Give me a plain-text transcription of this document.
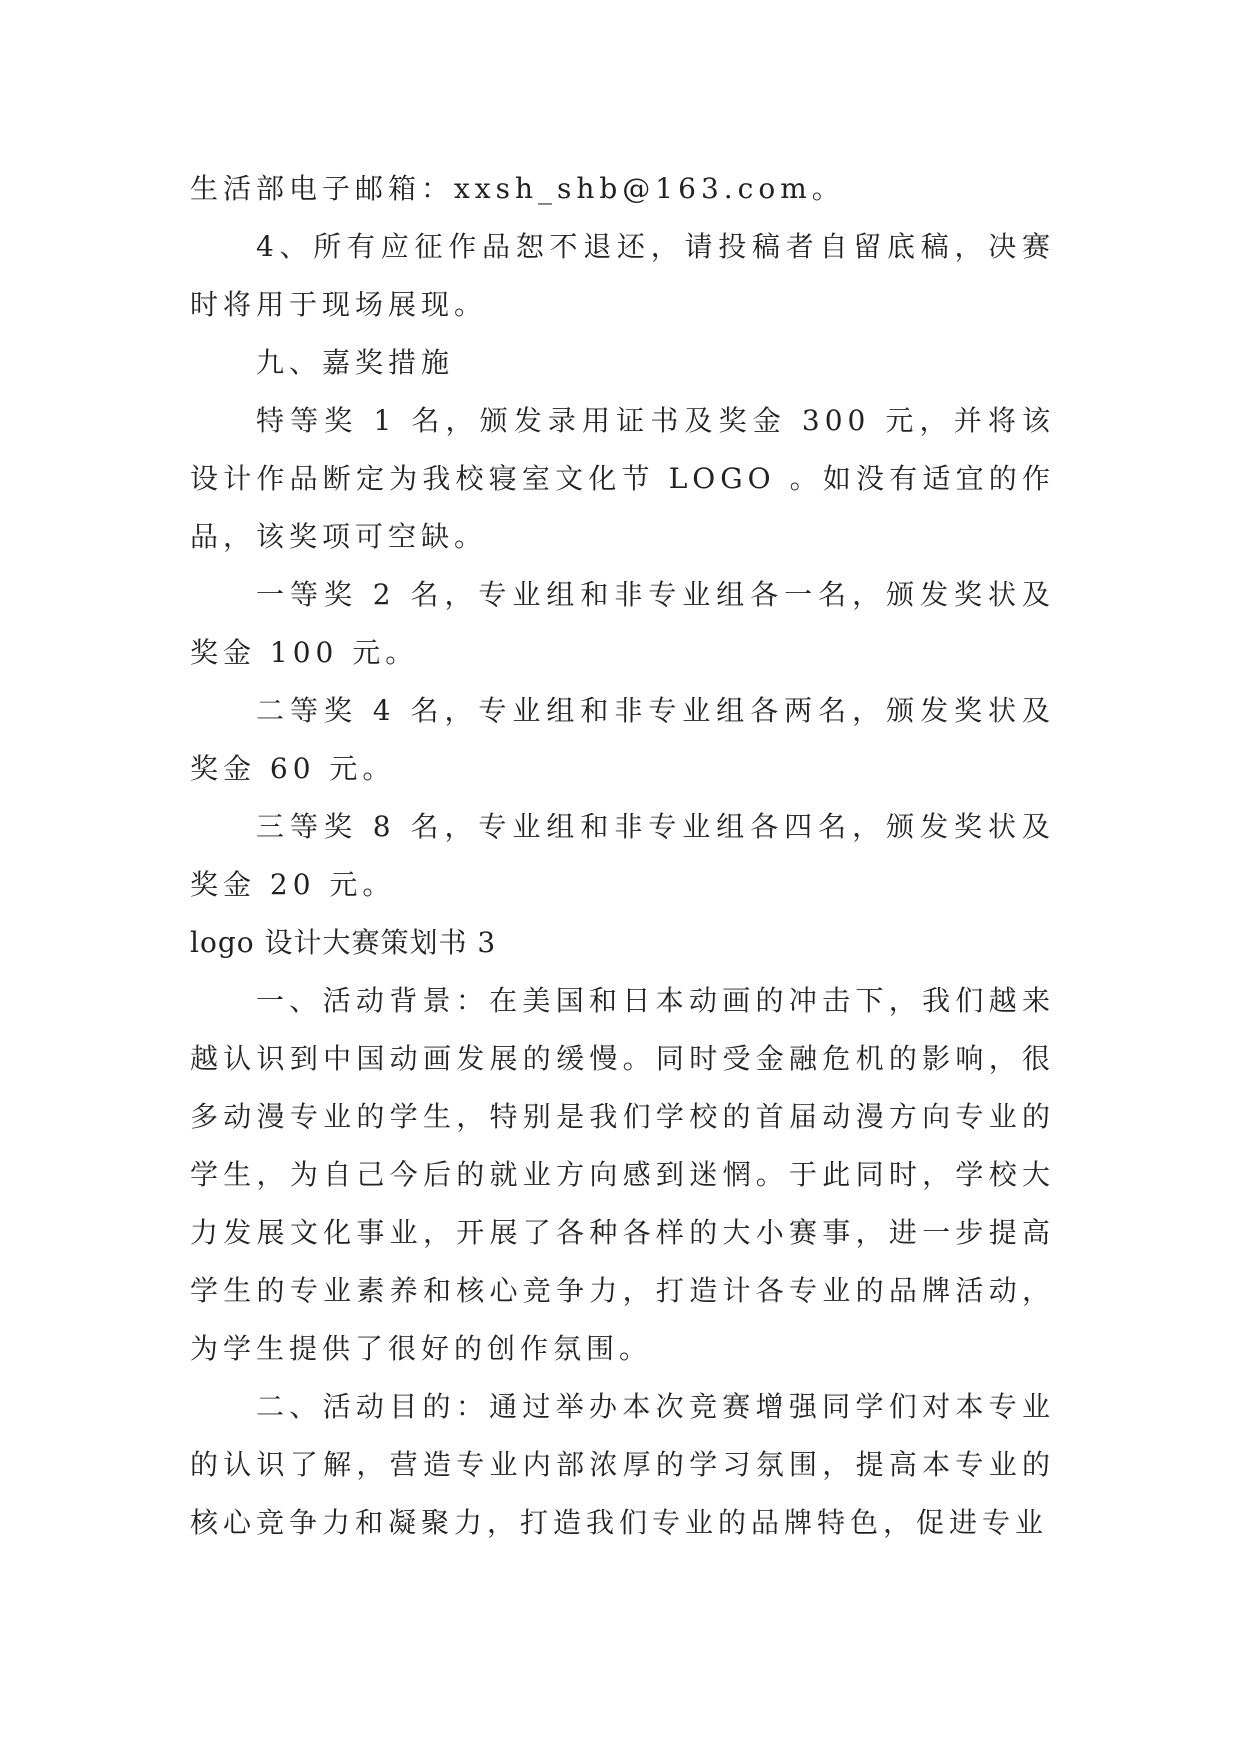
生活部电子邮箱：xxsh_shb@163.com。

4、所有应征作品恕不退还，请投稿者自留底稿，决赛时将用于现场展现。

九、嘉奖措施

特等奖 1 名，颁发录用证书及奖金 300 元，并将该设计作品断定为我校寝室文化节 LOGO 。如没有适宜的作品，该奖项可空缺。

一等奖 2 名，专业组和非专业组各一名，颁发奖状及奖金 100 元。

二等奖 4 名，专业组和非专业组各两名，颁发奖状及奖金 60 元。

三等奖 8 名，专业组和非专业组各四名，颁发奖状及奖金 20 元。

logo 设计大赛策划书 3

一、活动背景：在美国和日本动画的冲击下，我们越来越认识到中国动画发展的缓慢。同时受金融危机的影响，很多动漫专业的学生，特别是我们学校的首届动漫方向专业的学生，为自己今后的就业方向感到迷惘。于此同时，学校大力发展文化事业，开展了各种各样的大小赛事，进一步提高学生的专业素养和核心竞争力，打造计各专业的品牌活动，为学生提供了很好的创作氛围。

二、活动目的：通过举办本次竞赛增强同学们对本专业的认识了解，营造专业内部浓厚的学习氛围，提高本专业的核心竞争力和凝聚力，打造我们专业的品牌特色，促进专业
